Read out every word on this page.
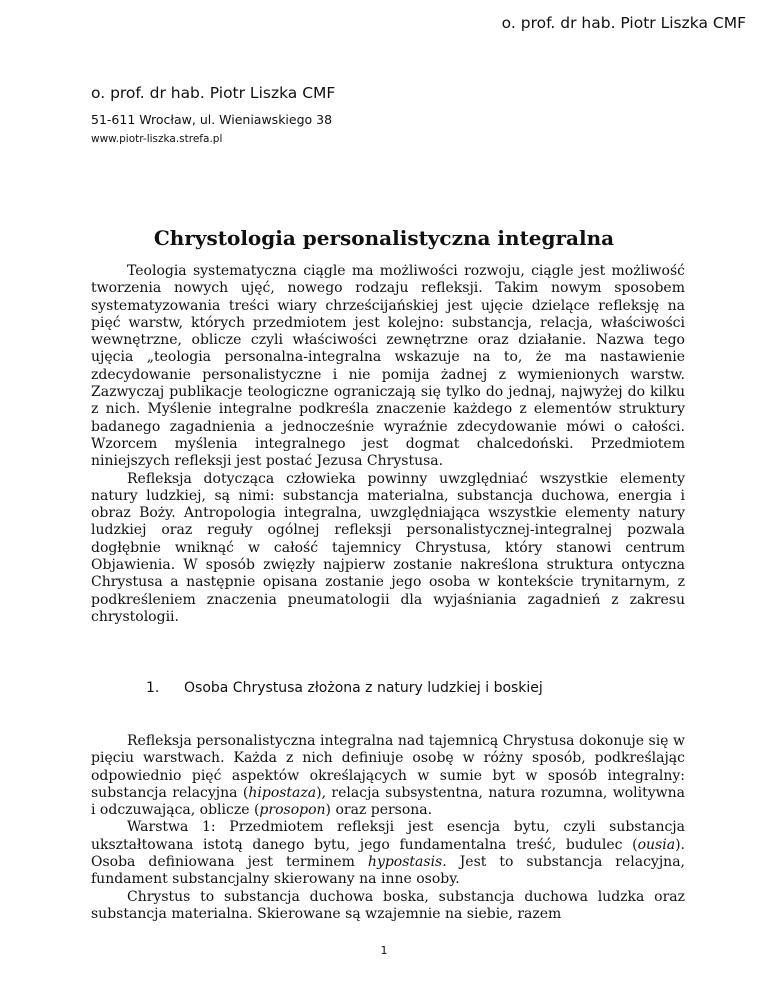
o. prof. dr hab. Piotr Liszka CMF
o. prof. dr hab. Piotr Liszka CMF
51-611 Wrocław, ul. Wieniawskiego 38
www.piotr-liszka.strefa.pl
Chrystologia personalistyczna integralna

Teologia systematyczna ciągle ma możliwości rozwoju, ciągle jest możliwość tworzenia nowych ujęć, nowego rodzaju refleksji. Takim nowym sposobem systematyzowania treści wiary chrześcijańskiej jest ujęcie dzielące refleksję na pięć warstw, których przedmiotem jest kolejno: substancja, relacja, właściwości wewnętrzne, oblicze czyli właściwości zewnętrzne oraz działanie. Nazwa tego ujęcia „teologia personalna-integralna wskazuje na to, że ma nastawienie zdecydowanie personalistyczne i nie pomija żadnej z wymienionych warstw. Zazwyczaj publikacje teologiczne ograniczają się tylko do jednaj, najwyżej do kilku z nich. Myślenie integralne podkreśla znaczenie każdego z elementów struktury badanego zagadnienia a jednocześnie wyraźnie zdecydowanie mówi o całości. Wzorcem myślenia integralnego jest dogmat chalcedoński. Przedmiotem niniejszych refleksji jest postać Jezusa Chrystusa.

Refleksja dotycząca człowieka powinny uwzględniać wszystkie elementy natury ludzkiej, są nimi: substancja materialna, substancja duchowa, energia i obraz Boży. Antropologia integralna, uwzględniająca wszystkie elementy natury ludzkiej oraz reguły ogólnej refleksji personalistycznej-integralnej pozwala dogłębnie wniknąć w całość tajemnicy Chrystusa, który stanowi centrum Objawienia. W sposób zwięzły najpierw zostanie nakreślona struktura ontyczna Chrystusa a następnie opisana zostanie jego osoba w kontekście trynitarnym, z podkreśleniem znaczenia pneumatologii dla wyjaśniania zagadnień z zakresu chrystologii.

1. Osoba Chrystusa złożona z natury ludzkiej i boskiej

Refleksja personalistyczna integralna nad tajemnicą Chrystusa dokonuje się w pięciu warstwach. Każda z nich definiuje osobę w różny sposób, podkreślając odpowiednio pięć aspektów określających w sumie byt w sposób integralny: substancja relacyjna (hipostaza), relacja subsystentna, natura rozumna, wolitywna i odczuwająca, oblicze (prosopon) oraz persona.

Warstwa 1: Przedmiotem refleksji jest esencja bytu, czyli substancja ukształtowana istotą danego bytu, jego fundamentalna treść, budulec (ousia). Osoba definiowana jest terminem hypostasis. Jest to substancja relacyjna, fundament substancjalny skierowany na inne osoby.

Chrystus to substancja duchowa boska, substancja duchowa ludzka oraz substancja materialna. Skierowane są wzajemnie na siebie, razem

1
